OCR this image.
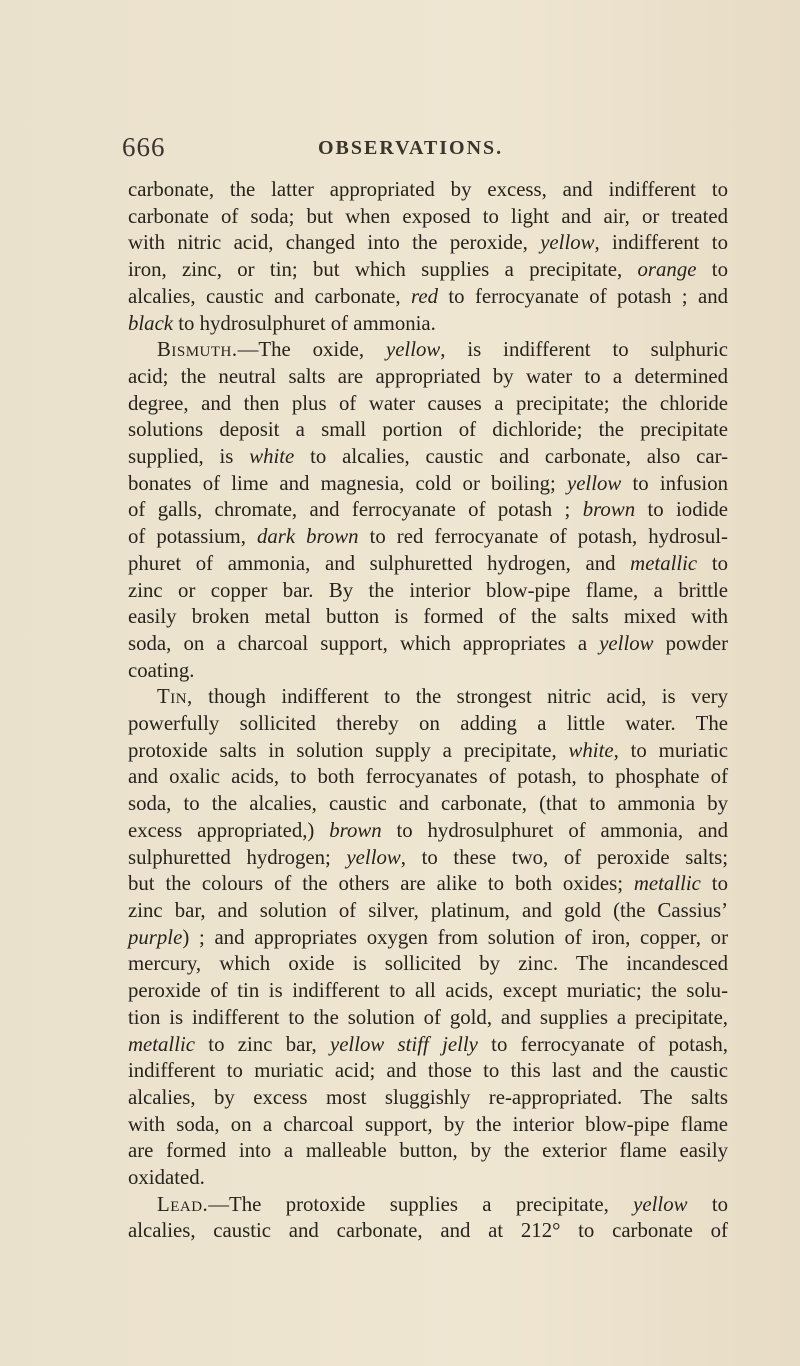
666	OBSERVATIONS.

carbonate, the latter appropriated by excess, and indifferent to

carbonate of soda; but when exposed to light and air, or treated

with nitric acid, changed into the peroxide, yellow, indifferent to

iron, zinc, or tin; but which supplies a precipitate, orange to

alcalies, caustic and carbonate, red to ferrocyanate of potash ; and

black to hydrosulphuret of ammonia.

Bismuth.—The oxide, yellow, is indifferent to sulphuric

acid; the neutral salts are appropriated by water to a determined

degree, and then plus of water causes a precipitate; the chloride

solutions deposit a small portion of dichloride; the precipitate

supplied, is white to alcalies, caustic and carbonate, also car-

bonates of lime and magnesia, cold or boiling; yellow to infusion

of galls, chromate, and ferrocyanate of potash ; brown to iodide

of potassium, dark brown to red ferrocyanate of potash, hydrosul-

phuret of ammonia, and sulphuretted hydrogen, and metallic to

zinc or copper bar. By the interior blow-pipe flame, a brittle

easily broken metal button is formed of the salts mixed with

soda, on a charcoal support, which appropriates a yellow powder

coating.

Tin, though indifferent to the strongest nitric acid, is very

powerfully sollicited thereby on adding a little water. The

protoxide salts in solution supply a precipitate, white, to muriatic

and oxalic acids, to both ferrocyanates of potash, to phosphate of

soda, to the alcalies, caustic and carbonate, (that to ammonia by

excess appropriated,) brown to hydrosulphuret of ammonia, and

sulphuretted hydrogen; yellow, to these two, of peroxide salts;

but the colours of the others are alike to both oxides; metallic to

zinc bar, and solution of silver, platinum, and gold (the Cassius’

purple) ; and appropriates oxygen from solution of iron, copper, or

mercury, which oxide is sollicited by zinc. The incandesced

peroxide of tin is indifferent to all acids, except muriatic; the solu-

tion is indifferent to the solution of gold, and supplies a precipitate,

metallic to zinc bar, yellow stiff jelly to ferrocyanate of potash,

indifferent to muriatic acid; and those to this last and the caustic

alcalies, by excess most sluggishly re-appropriated. The salts

with soda, on a charcoal support, by the interior blow-pipe flame

are formed into a malleable button, by the exterior flame easily

oxidated.

Lead.—The protoxide supplies a precipitate, yellow to

alcalies, caustic and carbonate, and at 212° to carbonate of
